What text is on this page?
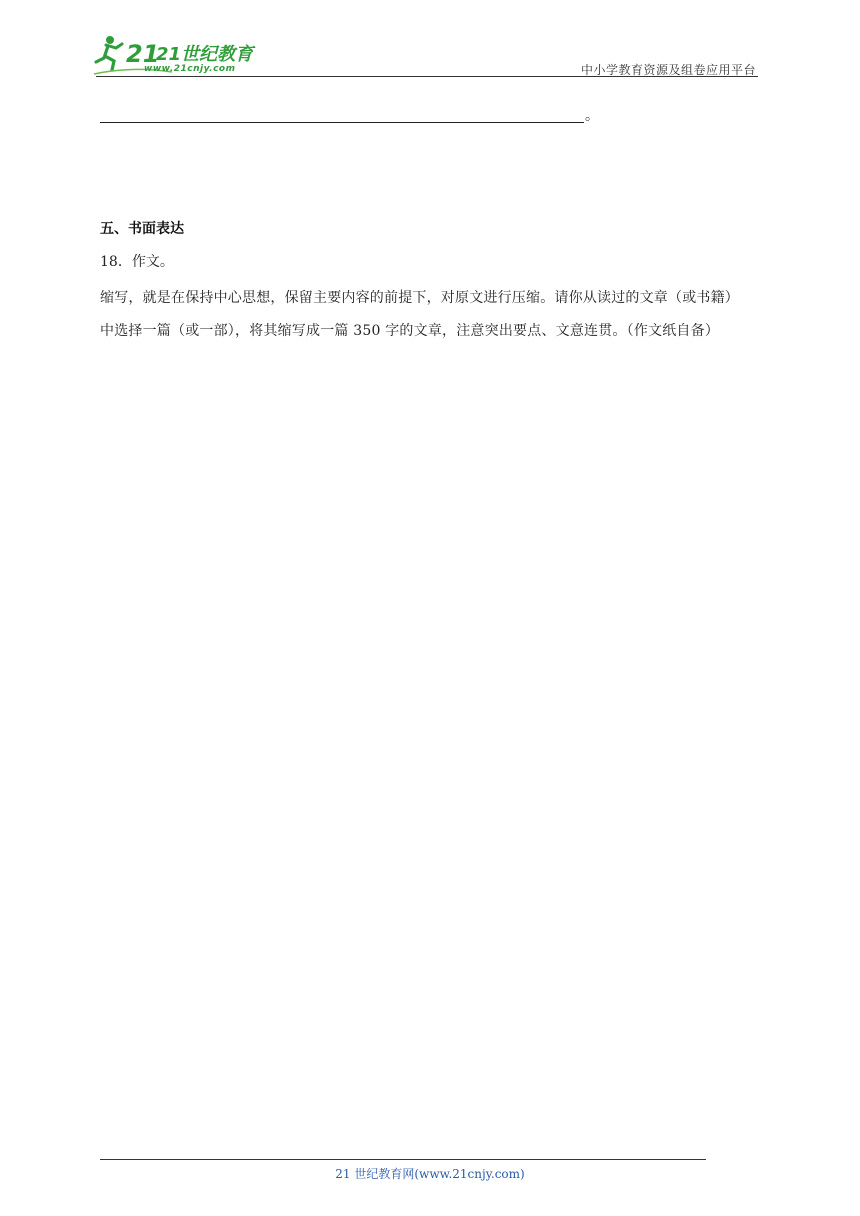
21
21世纪教育
www.21cnjy.com	中小学教育资源及组卷应用平台
。
五、书面表达
18．作文。
缩写，就是在保持中心思想，保留主要内容的前提下，对原文进行压缩。请你从读过的文章（或书籍）
中选择一篇（或一部），将其缩写成一篇 350 字的文章，注意突出要点、文意连贯。（作文纸自备）
21 世纪教育网(www.21cnjy.com)
